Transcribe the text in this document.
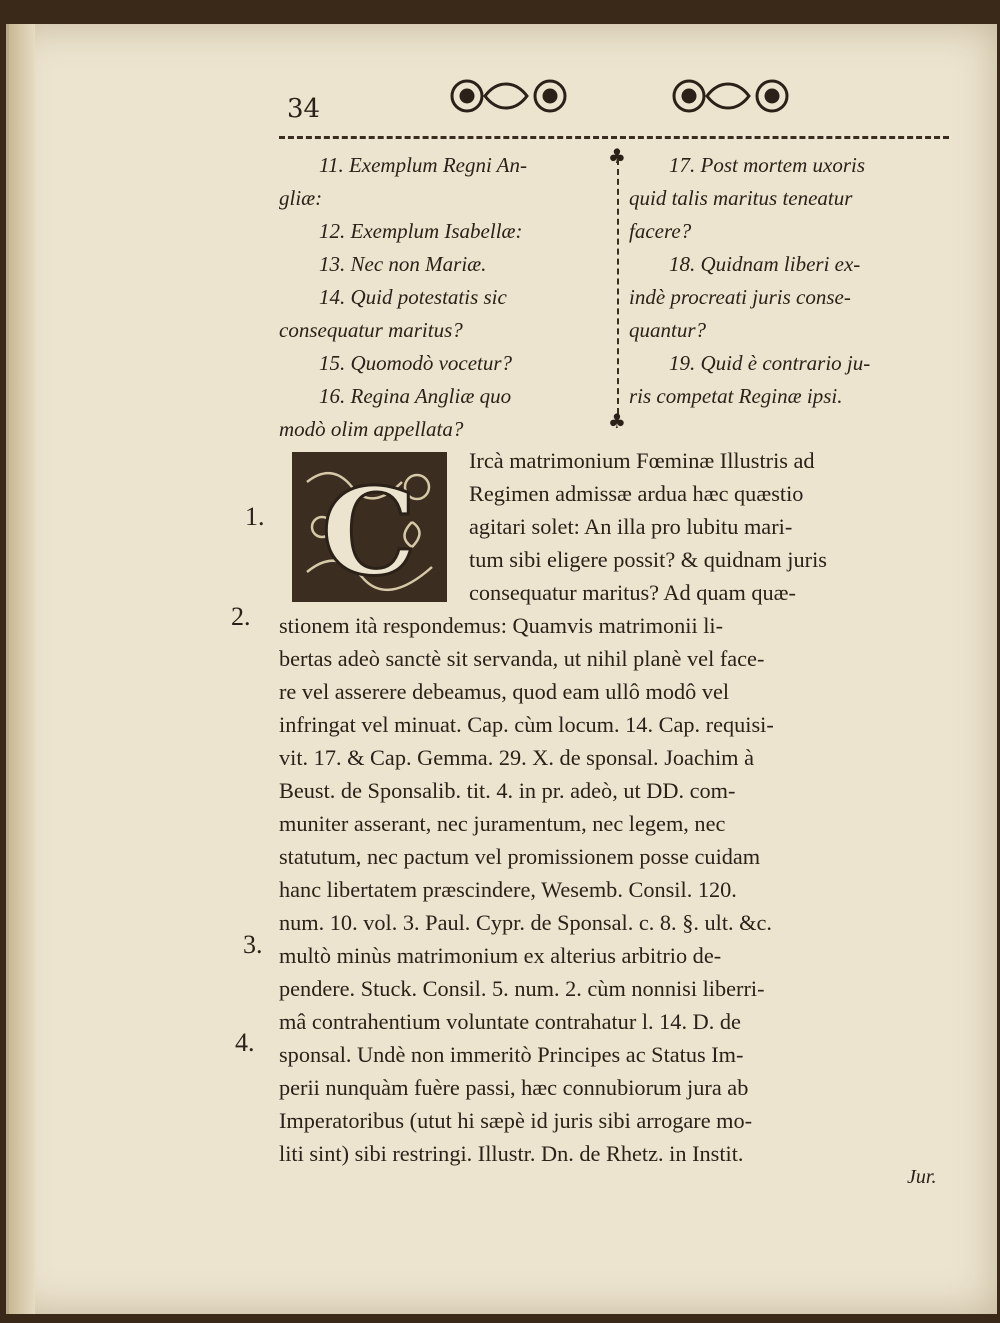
34

11. Exemplum Regni An-

gliæ:

12. Exemplum Isabellæ:

13. Nec non Mariæ.

14. Quid potestatis sic

consequatur maritus?

15. Quomodò vocetur?

16. Regina Angliæ quo

modò olim appellata?

♣
♣

17. Post mortem uxoris

quid talis maritus teneatur

facere?

18. Quidnam liberi ex-

indè procreati juris conse-

quantur?

19. Quid è contrario ju-

ris competat Reginæ ipsi.

C
Ircà matrimonium Fœminæ Illustris ad
Regimen admissæ ardua hæc quæstio
agitari solet: An illa pro lubitu mari-
tum sibi eligere possit? & quidnam juris
consequatur maritus? Ad quam quæ-
stionem ità respondemus: Quamvis matrimonii li-
bertas adeò sanctè sit servanda, ut nihil planè vel face-
re vel asserere debeamus, quod eam ullô modô vel
infringat vel minuat. Cap. cùm locum. 14. Cap. requisi-
vit. 17. & Cap. Gemma. 29. X. de sponsal. Joachim à
Beust. de Sponsalib. tit. 4. in pr. adeò, ut DD. com-
muniter asserant, nec juramentum, nec legem, nec
statutum, nec pactum vel promissionem posse cuidam
hanc libertatem præscindere, Wesemb. Consil. 120.
num. 10. vol. 3. Paul. Cypr. de Sponsal. c. 8. §. ult. &c.
multò minùs matrimonium ex alterius arbitrio de-
pendere. Stuck. Consil. 5. num. 2. cùm nonnisi liberri-
mâ contrahentium voluntate contrahatur l. 14. D. de
sponsal. Undè non immeritò Principes ac Status Im-
perii nunquàm fuère passi, hæc connubiorum jura ab
Imperatoribus (utut hi sæpè id juris sibi arrogare mo-
liti sint) sibi restringi. Illustr. Dn. de Rhetz. in Instit.
1.
2.
3.
4.
Jur.
